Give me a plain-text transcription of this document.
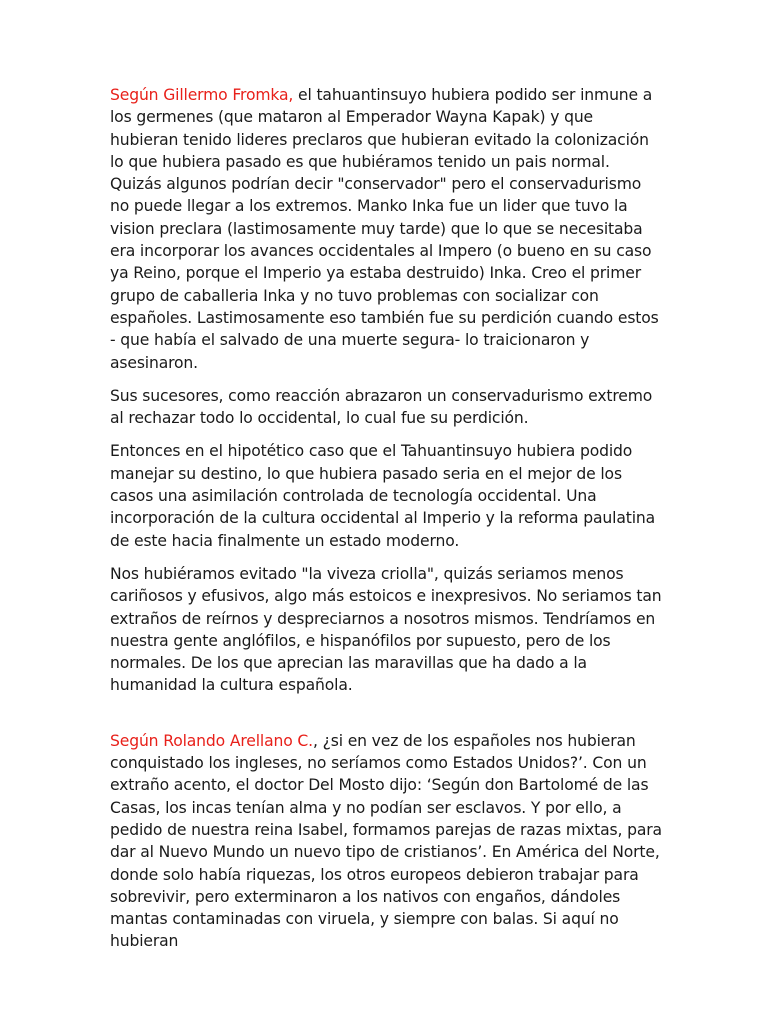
Según Gillermo Fromka, el tahuantinsuyo hubiera podido ser inmune a los germenes (que mataron al Emperador Wayna Kapak) y que hubieran tenido lideres preclaros que hubieran evitado la colonización lo que hubiera pasado es que hubiéramos tenido un pais normal. Quizás algunos podrían decir "conservador" pero el conservadurismo no puede llegar a los extremos. Manko Inka fue un lider que tuvo la vision preclara (lastimosamente muy tarde) que lo que se necesitaba era incorporar los avances occidentales al Impero (o bueno en su caso ya Reino, porque el Imperio ya estaba destruido) Inka. Creo el primer grupo de caballeria Inka y no tuvo problemas con socializar con españoles. Lastimosamente eso también fue su perdición cuando estos - que había el salvado de una muerte segura- lo traicionaron y asesinaron.

Sus sucesores, como reacción abrazaron un conservadurismo extremo al rechazar todo lo occidental, lo cual fue su perdición.

Entonces en el hipotético caso que el Tahuantinsuyo hubiera podido manejar su destino, lo que hubiera pasado seria en el mejor de los casos una asimilación controlada de tecnología occidental. Una incorporación de la cultura occidental al Imperio y la reforma paulatina de este hacia finalmente un estado moderno.

Nos hubiéramos evitado "la viveza criolla", quizás seriamos menos cariñosos y efusivos, algo más estoicos e inexpresivos. No seriamos tan extraños de reírnos y despreciarnos a nosotros mismos. Tendríamos en nuestra gente anglófilos, e hispanófilos por supuesto, pero de los normales. De los que aprecian las maravillas que ha dado a la humanidad la cultura española.

Según Rolando Arellano C., ¿si en vez de los españoles nos hubieran conquistado los ingleses, no seríamos como Estados Unidos?’. Con un extraño acento, el doctor Del Mosto dijo: ‘Según don Bartolomé de las Casas, los incas tenían alma y no podían ser esclavos. Y por ello, a pedido de nuestra reina Isabel, formamos parejas de razas mixtas, para dar al Nuevo Mundo un nuevo tipo de cristianos’. En América del Norte, donde solo había riquezas, los otros europeos debieron trabajar para sobrevivir, pero exterminaron a los nativos con engaños, dándoles mantas contaminadas con viruela, y siempre con balas. Si aquí no hubieran
